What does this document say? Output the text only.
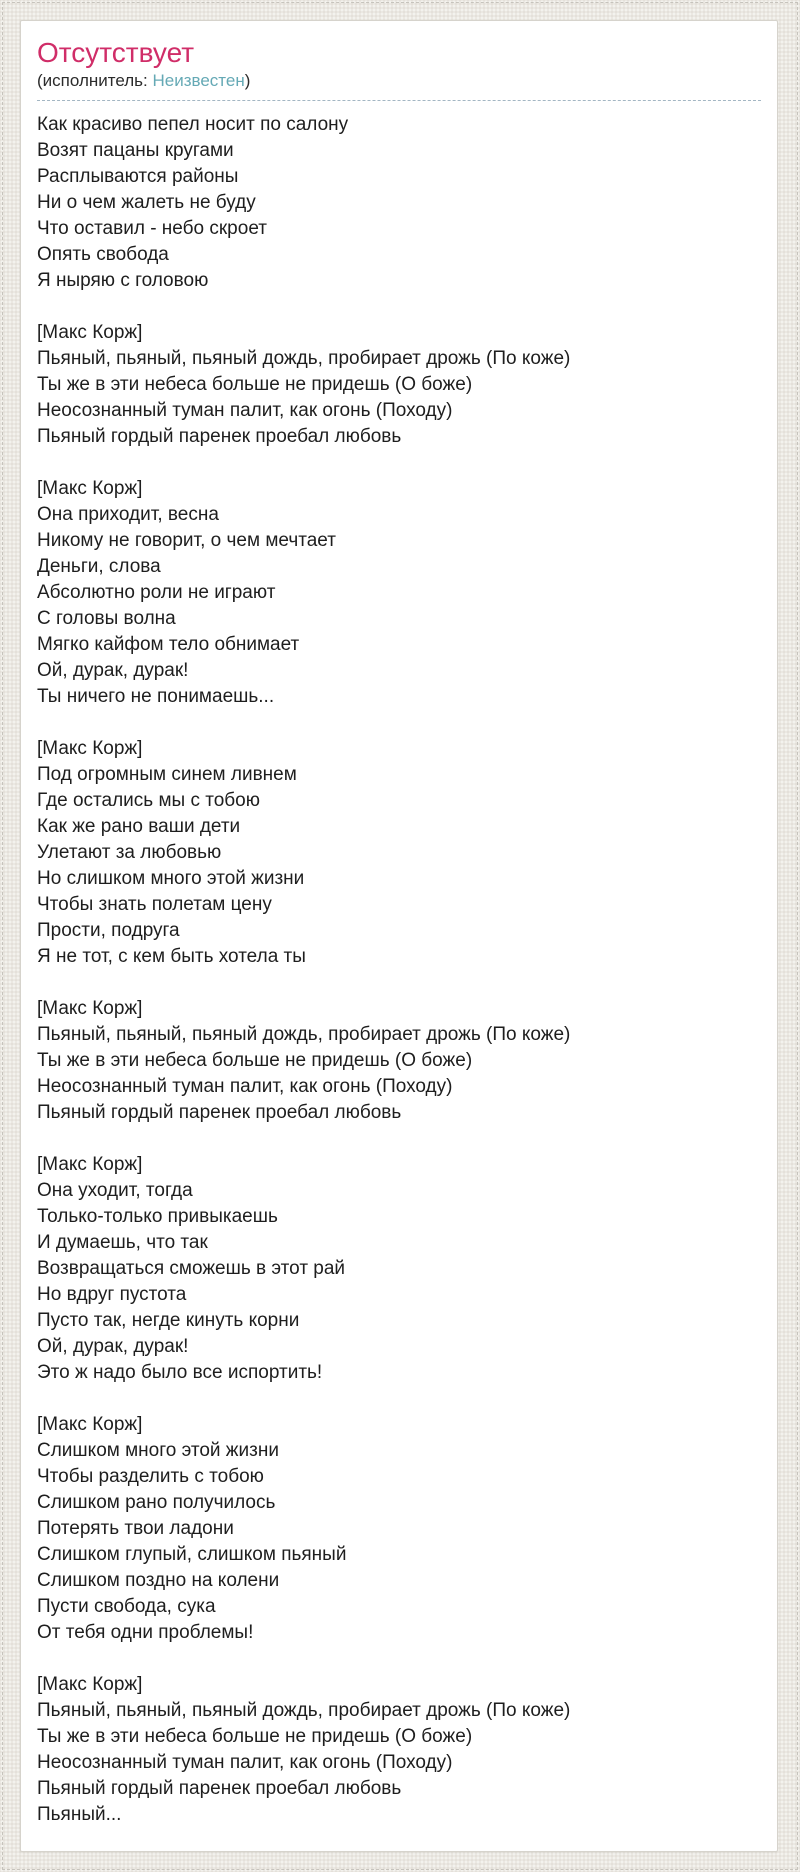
Отсутствует
(исполнитель: Неизвестен)
Как красиво пепел носит по салону
Возят пацаны кругами
Расплываются районы
Ни о чем жалеть не буду
Что оставил - небо скроет
Опять свобода
Я ныряю с головою
[Макс Корж]
Пьяный, пьяный, пьяный дождь, пробирает дрожь (По коже)
Ты же в эти небеса больше не придешь (О боже)
Неосознанный туман палит, как огонь (Походу)
Пьяный гордый паренек проебал любовь
[Макс Корж]
Она приходит, весна
Никому не говорит, о чем мечтает
Деньги, слова
Абсолютно роли не играют
С головы волна
Мягко кайфом тело обнимает
Ой, дурак, дурак!
Ты ничего не понимаешь...
[Макс Корж]
Под огромным синем ливнем
Где остались мы с тобою
Как же рано ваши дети
Улетают за любовью
Но слишком много этой жизни
Чтобы знать полетам цену
Прости, подруга
Я не тот, с кем быть хотела ты
[Макс Корж]
Пьяный, пьяный, пьяный дождь, пробирает дрожь (По коже)
Ты же в эти небеса больше не придешь (О боже)
Неосознанный туман палит, как огонь (Походу)
Пьяный гордый паренек проебал любовь
[Макс Корж]
Она уходит, тогда
Только-только привыкаешь
И думаешь, что так
Возвращаться сможешь в этот рай
Но вдруг пустота
Пусто так, негде кинуть корни
Ой, дурак, дурак!
Это ж надо было все испортить!
[Макс Корж]
Слишком много этой жизни
Чтобы разделить с тобою
Слишком рано получилось
Потерять твои ладони
Слишком глупый, слишком пьяный
Слишком поздно на колени
Пусти свобода, сука
От тебя одни проблемы!
[Макс Корж]
Пьяный, пьяный, пьяный дождь, пробирает дрожь (По коже)
Ты же в эти небеса больше не придешь (О боже)
Неосознанный туман палит, как огонь (Походу)
Пьяный гордый паренек проебал любовь
Пьяный...
